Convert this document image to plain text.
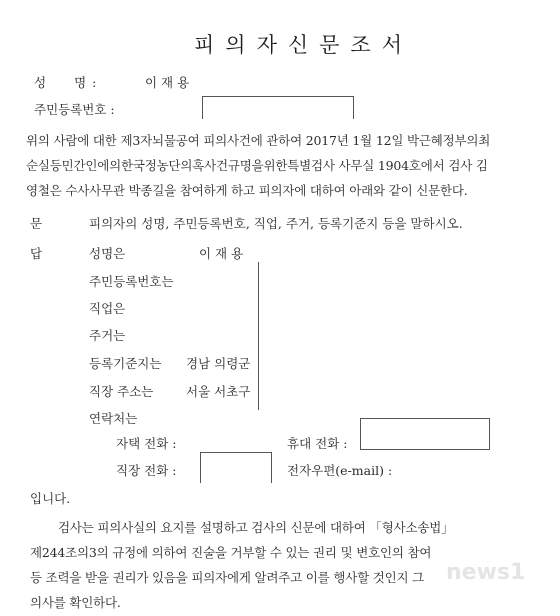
피의자신문조서
성　　명 :	이 재 용
주민등록번호 :
위의 사람에 대한 제3자뇌물공여 피의사건에 관하여 2017년 1월 12일 박근혜정부의최
순실등민간인에의한국정농단의혹사건규명을위한특별검사 사무실 1904호에서 검사 김
영철은 수사사무관 박종길을 참여하게 하고 피의자에 대하여 아래와 같이 신문한다.
문	피의자의 성명, 주민등록번호, 직업, 주거, 등록기준지 등을 말하시오.
답	성명은	이 재 용
주민등록번호는
직업은
주거는
등록기준지는 경남 의령군
직장 주소는	서울 서초구
연락처는
자택 전화 :	휴대 전화 :
직장 전화 :	전자우편(e-mail) :
입니다.
검사는 피의사실의 요지를 설명하고 검사의 신문에 대하여 「형사소송법」
제244조의3의 규정에 의하여 진술을 거부할 수 있는 권리 및 변호인의 참여
등 조력을 받을 권리가 있음을 피의자에게 알려주고 이를 행사할 것인지 그
의사를 확인하다.
news1
